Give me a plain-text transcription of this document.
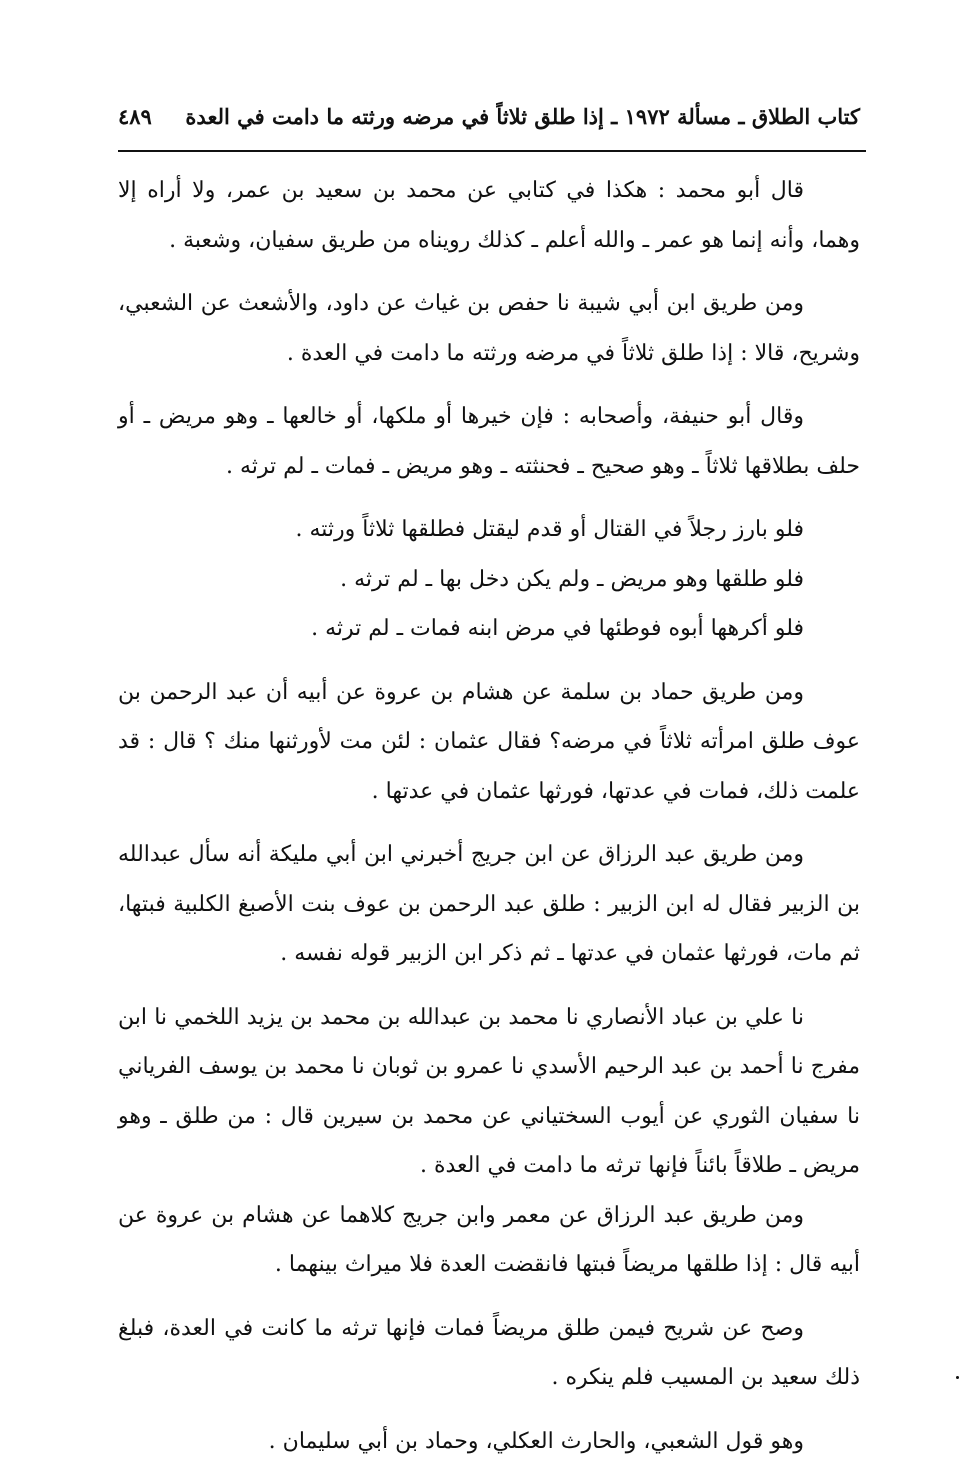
كتاب الطلاق ـ مسألة ١٩٧٢ ـ إذا طلق ثلاثاً في مرضه ورثته ما دامت في العدة
٤٨٩

قال أبو محمد : هكذا في كتابي عن محمد بن سعيد بن عمر، ولا أراه إلا وهما، وأنه إنما هو عمر ـ والله أعلم ـ كذلك رويناه من طريق سفيان، وشعبة .

ومن طريق ابن أبي شيبة نا حفص بن غياث عن داود، والأشعث عن الشعبي، وشريح، قالا : إذا طلق ثلاثاً في مرضه ورثته ما دامت في العدة .

وقال أبو حنيفة، وأصحابه : فإن خيرها أو ملكها، أو خالعها ـ وهو مريض ـ أو حلف بطلاقها ثلاثاً ـ وهو صحيح ـ فحنثته ـ وهو مريض ـ فمات ـ لم ترثه .

فلو بارز رجلاً في القتال أو قدم ليقتل فطلقها ثلاثاً ورثته .

فلو طلقها وهو مريض ـ ولم يكن دخل بها ـ لم ترثه .

فلو أكرهها أبوه فوطئها في مرض ابنه فمات ـ لم ترثه .

ومن طريق حماد بن سلمة عن هشام بن عروة عن أبيه أن عبد الرحمن بن عوف طلق امرأته ثلاثاً في مرضه؟ فقال عثمان : لئن مت لأورثنها منك ؟ قال : قد علمت ذلك، فمات في عدتها، فورثها عثمان في عدتها .

ومن طريق عبد الرزاق عن ابن جريج أخبرني ابن أبي مليكة أنه سأل عبدالله بن الزبير فقال له ابن الزبير : طلق عبد الرحمن بن عوف بنت الأصبغ الكلبية فبتها، ثم مات، فورثها عثمان في عدتها ـ ثم ذكر ابن الزبير قوله نفسه .

نا علي بن عباد الأنصاري نا محمد بن عبدالله بن محمد بن يزيد اللخمي نا ابن مفرج نا أحمد بن عبد الرحيم الأسدي نا عمرو بن ثوبان نا محمد بن يوسف الفرياني نا سفيان الثوري عن أيوب السختياني عن محمد بن سيرين قال : من طلق ـ وهو مريض ـ طلاقاً بائناً فإنها ترثه ما دامت في العدة .

ومن طريق عبد الرزاق عن معمر وابن جريج كلاهما عن هشام بن عروة عن أبيه قال : إذا طلقها مريضاً فبتها فانقضت العدة فلا ميراث بينهما .

وصح عن شريح فيمن طلق مريضاً فمات فإنها ترثه ما كانت في العدة، فبلغ ذلك سعيد بن المسيب فلم ينكره .

وهو قول الشعبي، والحارث العكلي، وحماد بن أبي سليمان .
